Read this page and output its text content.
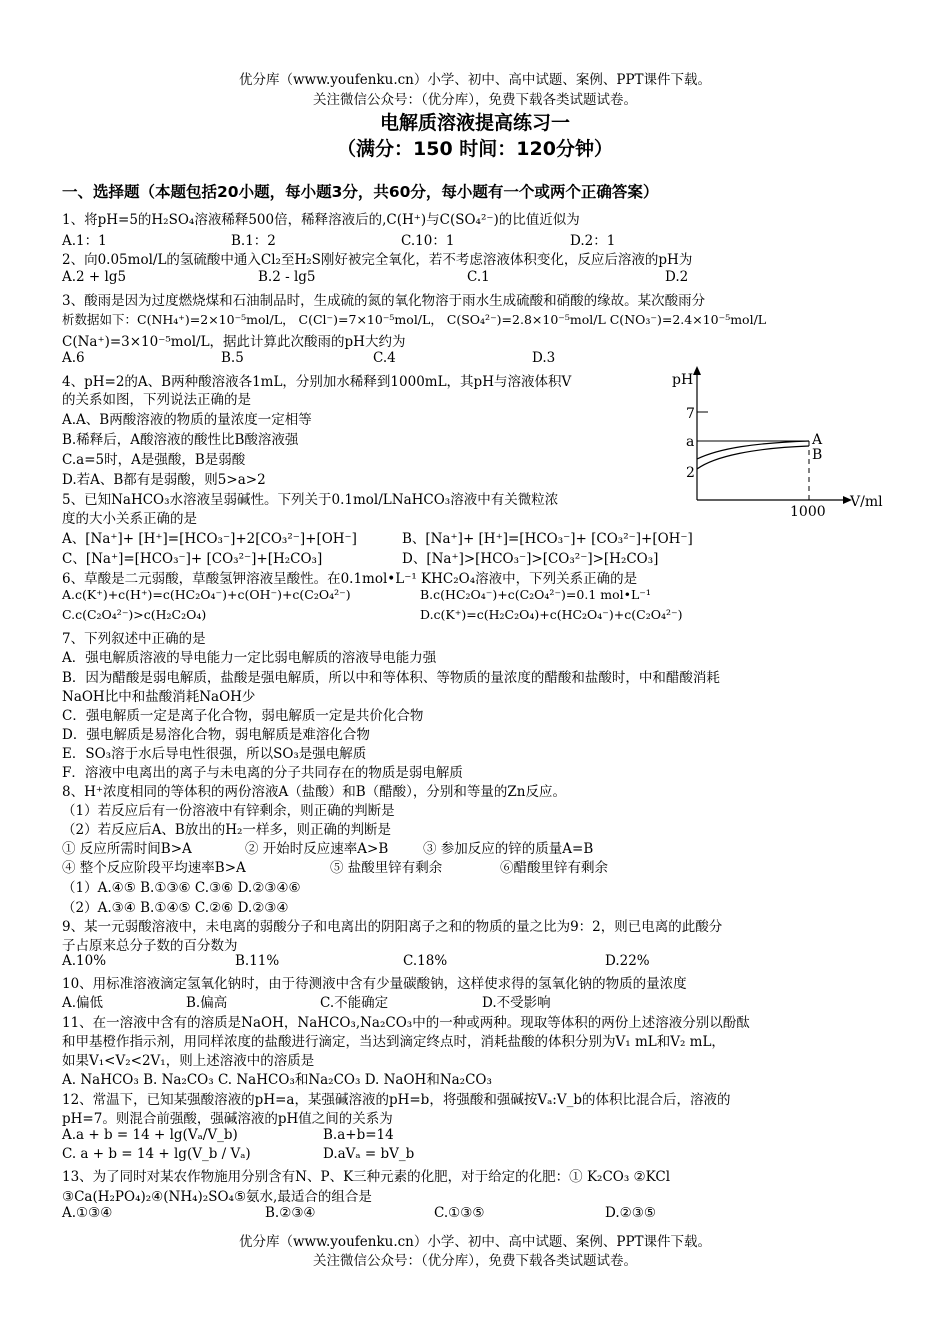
优分库（www.youfenku.cn）小学、初中、高中试题、案例、PPT课件下载。
关注微信公众号：（优分库），免费下载各类试题试卷。
电解质溶液提高练习一
（满分：150 时间：120分钟）
一、选择题（本题包括20小题，每小题3分，共60分，每小题有一个或两个正确答案）
1、将pH=5的H₂SO₄溶液稀释500倍，稀释溶液后的,C(H⁺)与C(SO₄²⁻)的比值近似为
A.1：1	B.1：2	C.10：1	D.2：1
2、向0.05mol/L的氢硫酸中通入Cl₂至H₂S刚好被完全氧化，若不考虑溶液体积变化，反应后溶液的pH为
A.2 + lg5	B.2 - lg5	C.1	D.2
3、酸雨是因为过度燃烧煤和石油制品时，生成硫的氮的氧化物溶于雨水生成硫酸和硝酸的缘故。某次酸雨分
析数据如下：C(NH₄⁺)=2×10⁻⁵mol/L， C(Cl⁻)=7×10⁻⁵mol/L， C(SO₄²⁻)=2.8×10⁻⁵mol/L C(NO₃⁻)=2.4×10⁻⁵mol/L
C(Na⁺)=3×10⁻⁵mol/L，据此计算此次酸雨的pH大约为
A.6	B.5	C.4	D.3
4、pH=2的A、B两种酸溶液各1mL，分别加水稀释到1000mL，其pH与溶液体积V
的关系如图，下列说法正确的是
A.A、B两酸溶液的物质的量浓度一定相等
B.稀释后，A酸溶液的酸性比B酸溶液强
C.a=5时，A是强酸，B是弱酸
D.若A、B都有是弱酸，则5>a>2
pH
V/ml
7
a
2
A
B
1000
5、已知NaHCO₃水溶液呈弱碱性。下列关于0.1mol/LNaHCO₃溶液中有关微粒浓
度的大小关系正确的是
A、[Na⁺]+ [H⁺]=[HCO₃⁻]+2[CO₃²⁻]+[OH⁻]	B、[Na⁺]+ [H⁺]=[HCO₃⁻]+ [CO₃²⁻]+[OH⁻]
C、[Na⁺]=[HCO₃⁻]+ [CO₃²⁻]+[H₂CO₃]	D、[Na⁺]>[HCO₃⁻]>[CO₃²⁻]>[H₂CO₃]
6、草酸是二元弱酸，草酸氢钾溶液呈酸性。在0.1mol•L⁻¹ KHC₂O₄溶液中，下列关系正确的是
A.c(K⁺)+c(H⁺)=c(HC₂O₄⁻)+c(OH⁻)+c(C₂O₄²⁻)	B.c(HC₂O₄⁻)+c(C₂O₄²⁻)=0.1 mol•L⁻¹
C.c(C₂O₄²⁻)>c(H₂C₂O₄)	D.c(K⁺)=c(H₂C₂O₄)+c(HC₂O₄⁻)+c(C₂O₄²⁻)
7、下列叙述中正确的是
A．强电解质溶液的导电能力一定比弱电解质的溶液导电能力强
B．因为醋酸是弱电解质，盐酸是强电解质，所以中和等体积、等物质的量浓度的醋酸和盐酸时，中和醋酸消耗
NaOH比中和盐酸消耗NaOH少
C．强电解质一定是离子化合物，弱电解质一定是共价化合物
D．强电解质是易溶化合物，弱电解质是难溶化合物
E．SO₃溶于水后导电性很强，所以SO₃是强电解质
F．溶液中电离出的离子与未电离的分子共同存在的物质是弱电解质
8、H⁺浓度相同的等体积的两份溶液A（盐酸）和B（醋酸），分别和等量的Zn反应。
（1）若反应后有一份溶液中有锌剩余，则正确的判断是
（2）若反应后A、B放出的H₂一样多，则正确的判断是
① 反应所需时间B>A	② 开始时反应速率A>B	③ 参加反应的锌的质量A=B
④ 整个反应阶段平均速率B>A	⑤ 盐酸里锌有剩余	⑥醋酸里锌有剩余
（1）A.④⑤ B.①③⑥ C.③⑥ D.②③④⑥
（2）A.③④ B.①④⑤ C.②⑥ D.②③④
9、某一元弱酸溶液中，未电离的弱酸分子和电离出的阴阳离子之和的物质的量之比为9：2，则已电离的此酸分
子占原来总分子数的百分数为
A.10%	B.11%	C.18%	D.22%
10、用标准溶液滴定氢氧化钠时，由于待测液中含有少量碳酸钠，这样使求得的氢氧化钠的物质的量浓度
A.偏低	B.偏高	C.不能确定	D.不受影响
11、在一溶液中含有的溶质是NaOH，NaHCO₃,Na₂CO₃中的一种或两种。现取等体积的两份上述溶液分别以酚酞
和甲基橙作指示剂，用同样浓度的盐酸进行滴定，当达到滴定终点时，消耗盐酸的体积分别为V₁ mL和V₂ mL，
如果V₁<V₂<2V₁，则上述溶液中的溶质是
A. NaHCO₃ B. Na₂CO₃ C. NaHCO₃和Na₂CO₃ D. NaOH和Na₂CO₃
12、常温下，已知某强酸溶液的pH=a，某强碱溶液的pH=b，将强酸和强碱按Vₐ:V_b的体积比混合后，溶液的
pH=7。则混合前强酸，强碱溶液的pH值之间的关系为
A.a + b = 14 + lg(Vₐ/V_b)	B.a+b=14
C. a + b = 14 + lg(V_b / Vₐ)	D.aVₐ = bV_b
13、为了同时对某农作物施用分别含有N、P、K三种元素的化肥，对于给定的化肥：① K₂CO₃ ②KCl
③Ca(H₂PO₄)₂④(NH₄)₂SO₄⑤氨水,最适合的组合是
A.①③④	B.②③④	C.①③⑤	D.②③⑤
优分库（www.youfenku.cn）小学、初中、高中试题、案例、PPT课件下载。
关注微信公众号：（优分库），免费下载各类试题试卷。
